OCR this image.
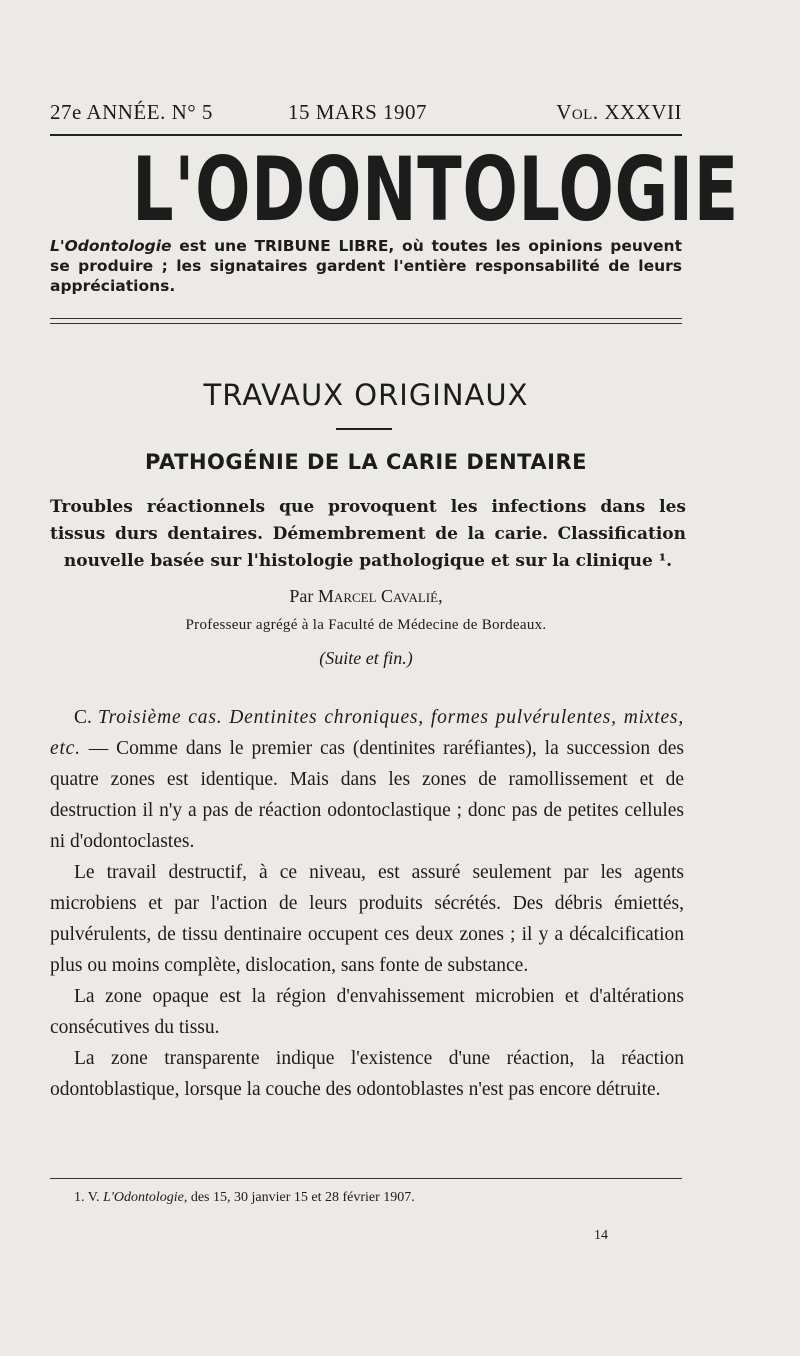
27e ANNÉE. N° 5	15 MARS 1907	Vol. XXXVII
L'ODONTOLOGIE
L'Odontologie est une TRIBUNE LIBRE, où toutes les opinions peuvent se produire ; les signataires gardent l'entière responsabilité de leurs appréciations.
TRAVAUX ORIGINAUX
PATHOGÉNIE DE LA CARIE DENTAIRE
Troubles réactionnels que provoquent les infections dans les
tissus durs dentaires. Démembrement de la carie. Classification
nouvelle basée sur l'histologie pathologique et sur la clinique ¹.
Par Marcel Cavalié,
Professeur agrégé à la Faculté de Médecine de Bordeaux.
(Suite et fin.)

C. Troisième cas. Dentinites chroniques, formes pulvérulentes, mixtes, etc. — Comme dans le premier cas (dentinites raréfiantes), la succession des quatre zones est identique. Mais dans les zones de ramollissement et de destruction il n'y a pas de réaction odontoclastique ; donc pas de petites cellules ni d'odontoclastes.

Le travail destructif, à ce niveau, est assuré seulement par les agents microbiens et par l'action de leurs produits sécrétés. Des débris émiettés, pulvérulents, de tissu dentinaire occupent ces deux zones ; il y a décalcification plus ou moins complète, dislocation, sans fonte de substance.

La zone opaque est la région d'envahissement microbien et d'altérations consécutives du tissu.

La zone transparente indique l'existence d'une réaction, la réaction odontoblastique, lorsque la couche des odontoblastes n'est pas encore détruite.

1. V. L'Odontologie, des 15, 30 janvier 15 et 28 février 1907.
14
